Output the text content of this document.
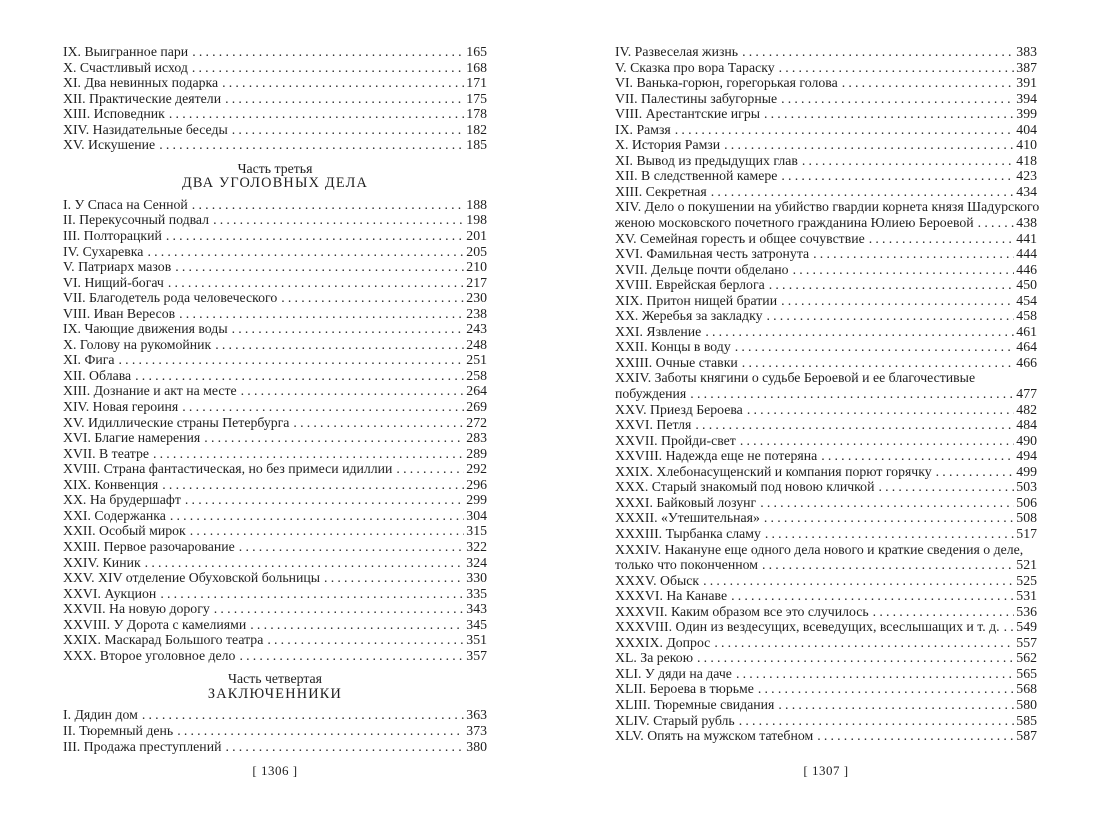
IX. Выигранное пари .....	165
X. Счастливый исход .....	168
XI. Два невинных подарка .....	171
XII. Практические деятели .....	175
XIII. Исповедник .....	178
XIV. Назидательные беседы .....	182
XV. Искушение .....	185
Часть третья
ДВА УГОЛОВНЫХ ДЕЛА
I. У Спаса на Сенной .....	188
II. Перекусочный подвал .....	198
III. Полторацкий .....	201
IV. Сухаревка .....	205
V. Патриарх мазов .....	210
VI. Нищий-богач .....	217
VII. Благодетель рода человеческого .....	230
VIII. Иван Вересов .....	238
IX. Чающие движения воды .....	243
X. Голову на рукомойник .....	248
XI. Фига .....	251
XII. Облава .....	258
XIII. Дознание и акт на месте .....	264
XIV. Новая героиня .....	269
XV. Идиллические страны Петербурга .....	272
XVI. Благие намерения .....	283
XVII. В театре .....	289
XVIII. Страна фантастическая, но без примеси идиллии .....	292
XIX. Конвенция .....	296
XX. На брудершафт .....	299
XXI. Содержанка .....	304
XXII. Особый мирок .....	315
XXIII. Первое разочарование .....	322
XXIV. Киник .....	324
XXV. XIV отделение Обуховской больницы .....	330
XXVI. Аукцион .....	335
XXVII. На новую дорогу .....	343
XXVIII. У Дорота с камелиями .....	345
XXIX. Маскарад Большого театра .....	351
XXX. Второе уголовное дело .....	357
Часть четвертая
ЗАКЛЮЧЕННИКИ
I. Дядин дом .....	363
II. Тюремный день .....	373
III. Продажа преступлений .....	380
IV. Развеселая жизнь .....	383
V. Сказка про вора Тараску .....	387
VI. Ванька-горюн, горегорькая голова .....	391
VII. Палестины забугорные .....	394
VIII. Арестантские игры .....	399
IX. Рамзя .....	404
X. История Рамзи .....	410
XI. Вывод из предыдущих глав .....	418
XII. В следственной камере .....	423
XIII. Секретная .....	434
XIV. Дело о покушении на убийство гвардии корнета князя Шадурского
женою московского почетного гражданина Юлиею Бероевой .....	438
XV. Семейная горесть и общее сочувствие .....	441
XVI. Фамильная честь затронута .....	444
XVII. Дельце почти обделано .....	446
XVIII. Еврейская берлога .....	450
XIX. Притон нищей братии .....	454
XX. Жеребья за закладку .....	458
XXI. Язвление .....	461
XXII. Концы в воду .....	464
XXIII. Очные ставки .....	466
XXIV. Заботы княгини о судьбе Бероевой и ее благочестивые
побуждения .....	477
XXV. Приезд Бероева .....	482
XXVI. Петля .....	484
XXVII. Пройди-свет .....	490
XXVIII. Надежда еще не потеряна .....	494
XXIX. Хлебонасущенский и компания порют горячку .....	499
XXX. Старый знакомый под новою кличкой .....	503
XXXI. Байковый лозунг .....	506
XXXII. «Утешительная» .....	508
XXXIII. Тырбанка сламу .....	517
XXXIV. Накануне еще одного дела нового и краткие сведения о деле,
только что поконченном .....	521
XXXV. Обыск .....	525
XXXVI. На Канаве .....	531
XXXVII. Каким образом все это случилось .....	536
XXXVIII. Один из вездесущих, всеведущих, всеслышащих и т. д. ..... 549
XXXIX. Допрос .....	557
XL. За рекою .....	562
XLI. У дяди на даче .....	565
XLII. Бероева в тюрьме .....	568
XLIII. Тюремные свидания .....	580
XLIV. Старый рубль .....	585
XLV. Опять на мужском татебном .....	587
[ 1306 ]	[ 1307 ]
